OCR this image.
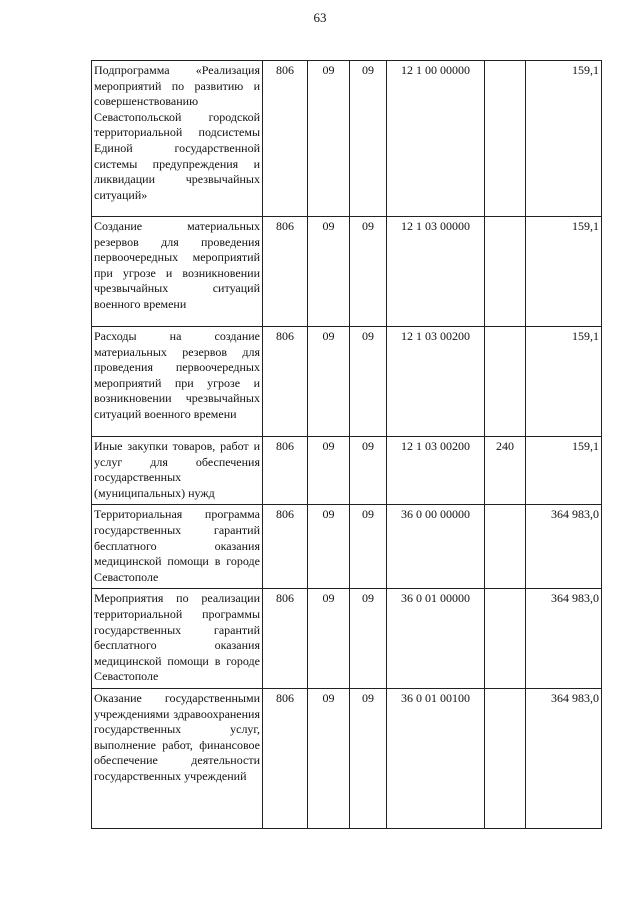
63
Подпрограмма «Реализация мероприятий по развитию и совершенствованию Севастопольской городской территориальной подсистемы Единой государственной системы предупреждения и ликвидации чрезвычайных ситуаций»	806	09	09	12 1 00 00000		159,1
Создание материальных резервов для проведения первоочередных мероприятий при угрозе и возникновении чрезвычайных ситуаций военного времени	806	09	09	12 1 03 00000		159,1
Расходы на создание материальных резервов для проведения первоочередных мероприятий при угрозе и возникновении чрезвычайных ситуаций военного времени	806	09	09	12 1 03 00200		159,1
Иные закупки товаров, работ и услуг для обеспечения государственных (муниципальных) нужд	806	09	09	12 1 03 00200	240	159,1
Территориальная программа государственных гарантий бесплатного оказания медицинской помощи в городе Севастополе	806	09	09	36 0 00 00000		364 983,0
Мероприятия по реализации территориальной программы государственных гарантий бесплатного оказания медицинской помощи в городе Севастополе	806	09	09	36 0 01 00000		364 983,0
Оказание государственными учреждениями здравоохранения государственных услуг, выполнение работ, финансовое обеспечение деятельности государственных учреждений	806	09	09	36 0 01 00100		364 983,0
